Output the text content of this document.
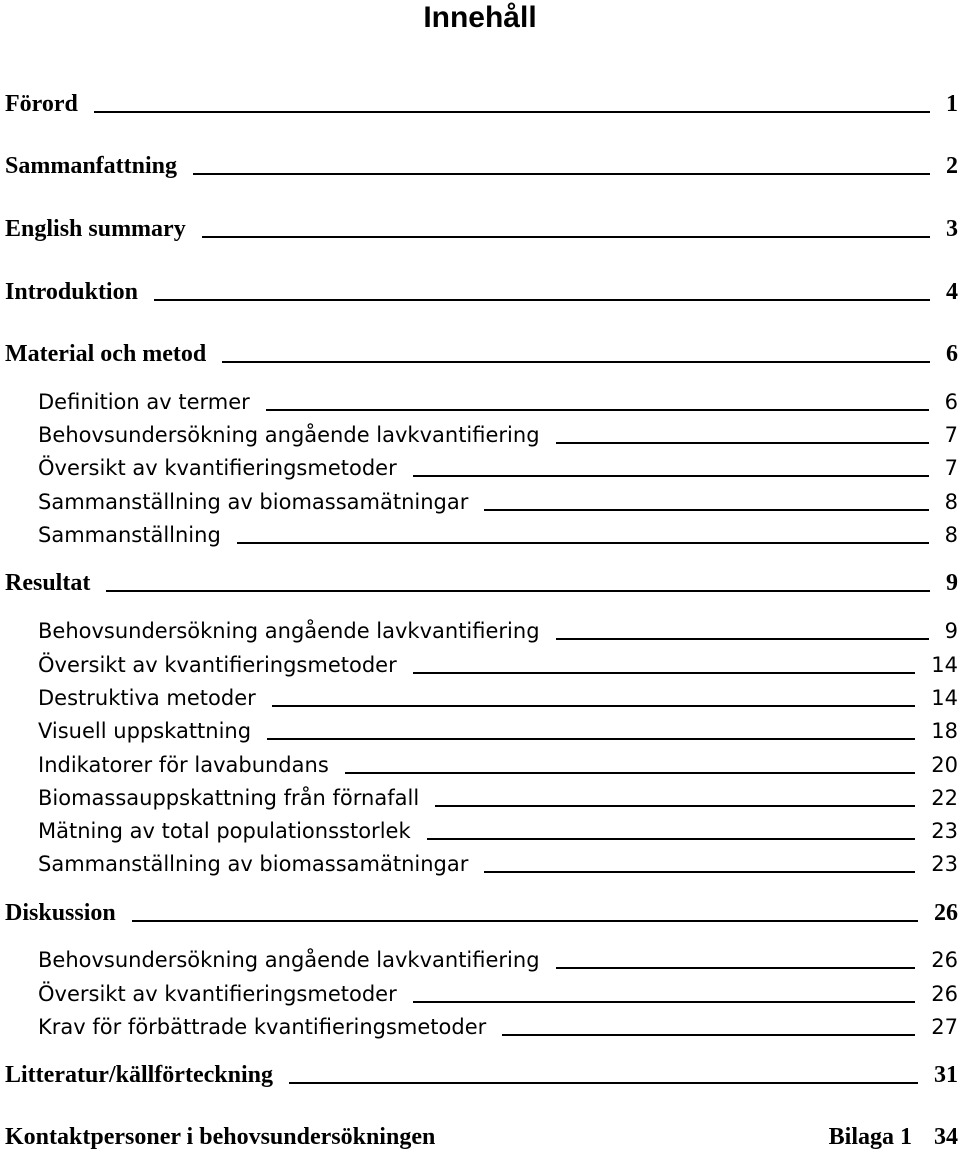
Innehåll
Förord	1
Sammanfattning	2
English summary	3
Introduktion	4
Material och metod	6
Definition av termer	6
Behovsundersökning angående lavkvantifiering	7
Översikt av kvantifieringsmetoder	7
Sammanställning av biomassamätningar	8
Sammanställning	8
Resultat	9
Behovsundersökning angående lavkvantifiering	9
Översikt av kvantifieringsmetoder	14
Destruktiva metoder	14
Visuell uppskattning	18
Indikatorer för lavabundans	20
Biomassauppskattning från förnafall	22
Mätning av total populationsstorlek	23
Sammanställning av biomassamätningar	23
Diskussion	26
Behovsundersökning angående lavkvantifiering	26
Översikt av kvantifieringsmetoder	26
Krav för förbättrade kvantifieringsmetoder	27
Litteratur/källförteckning	31
Kontaktpersoner i behovsundersökningen	Bilaga 1 34
